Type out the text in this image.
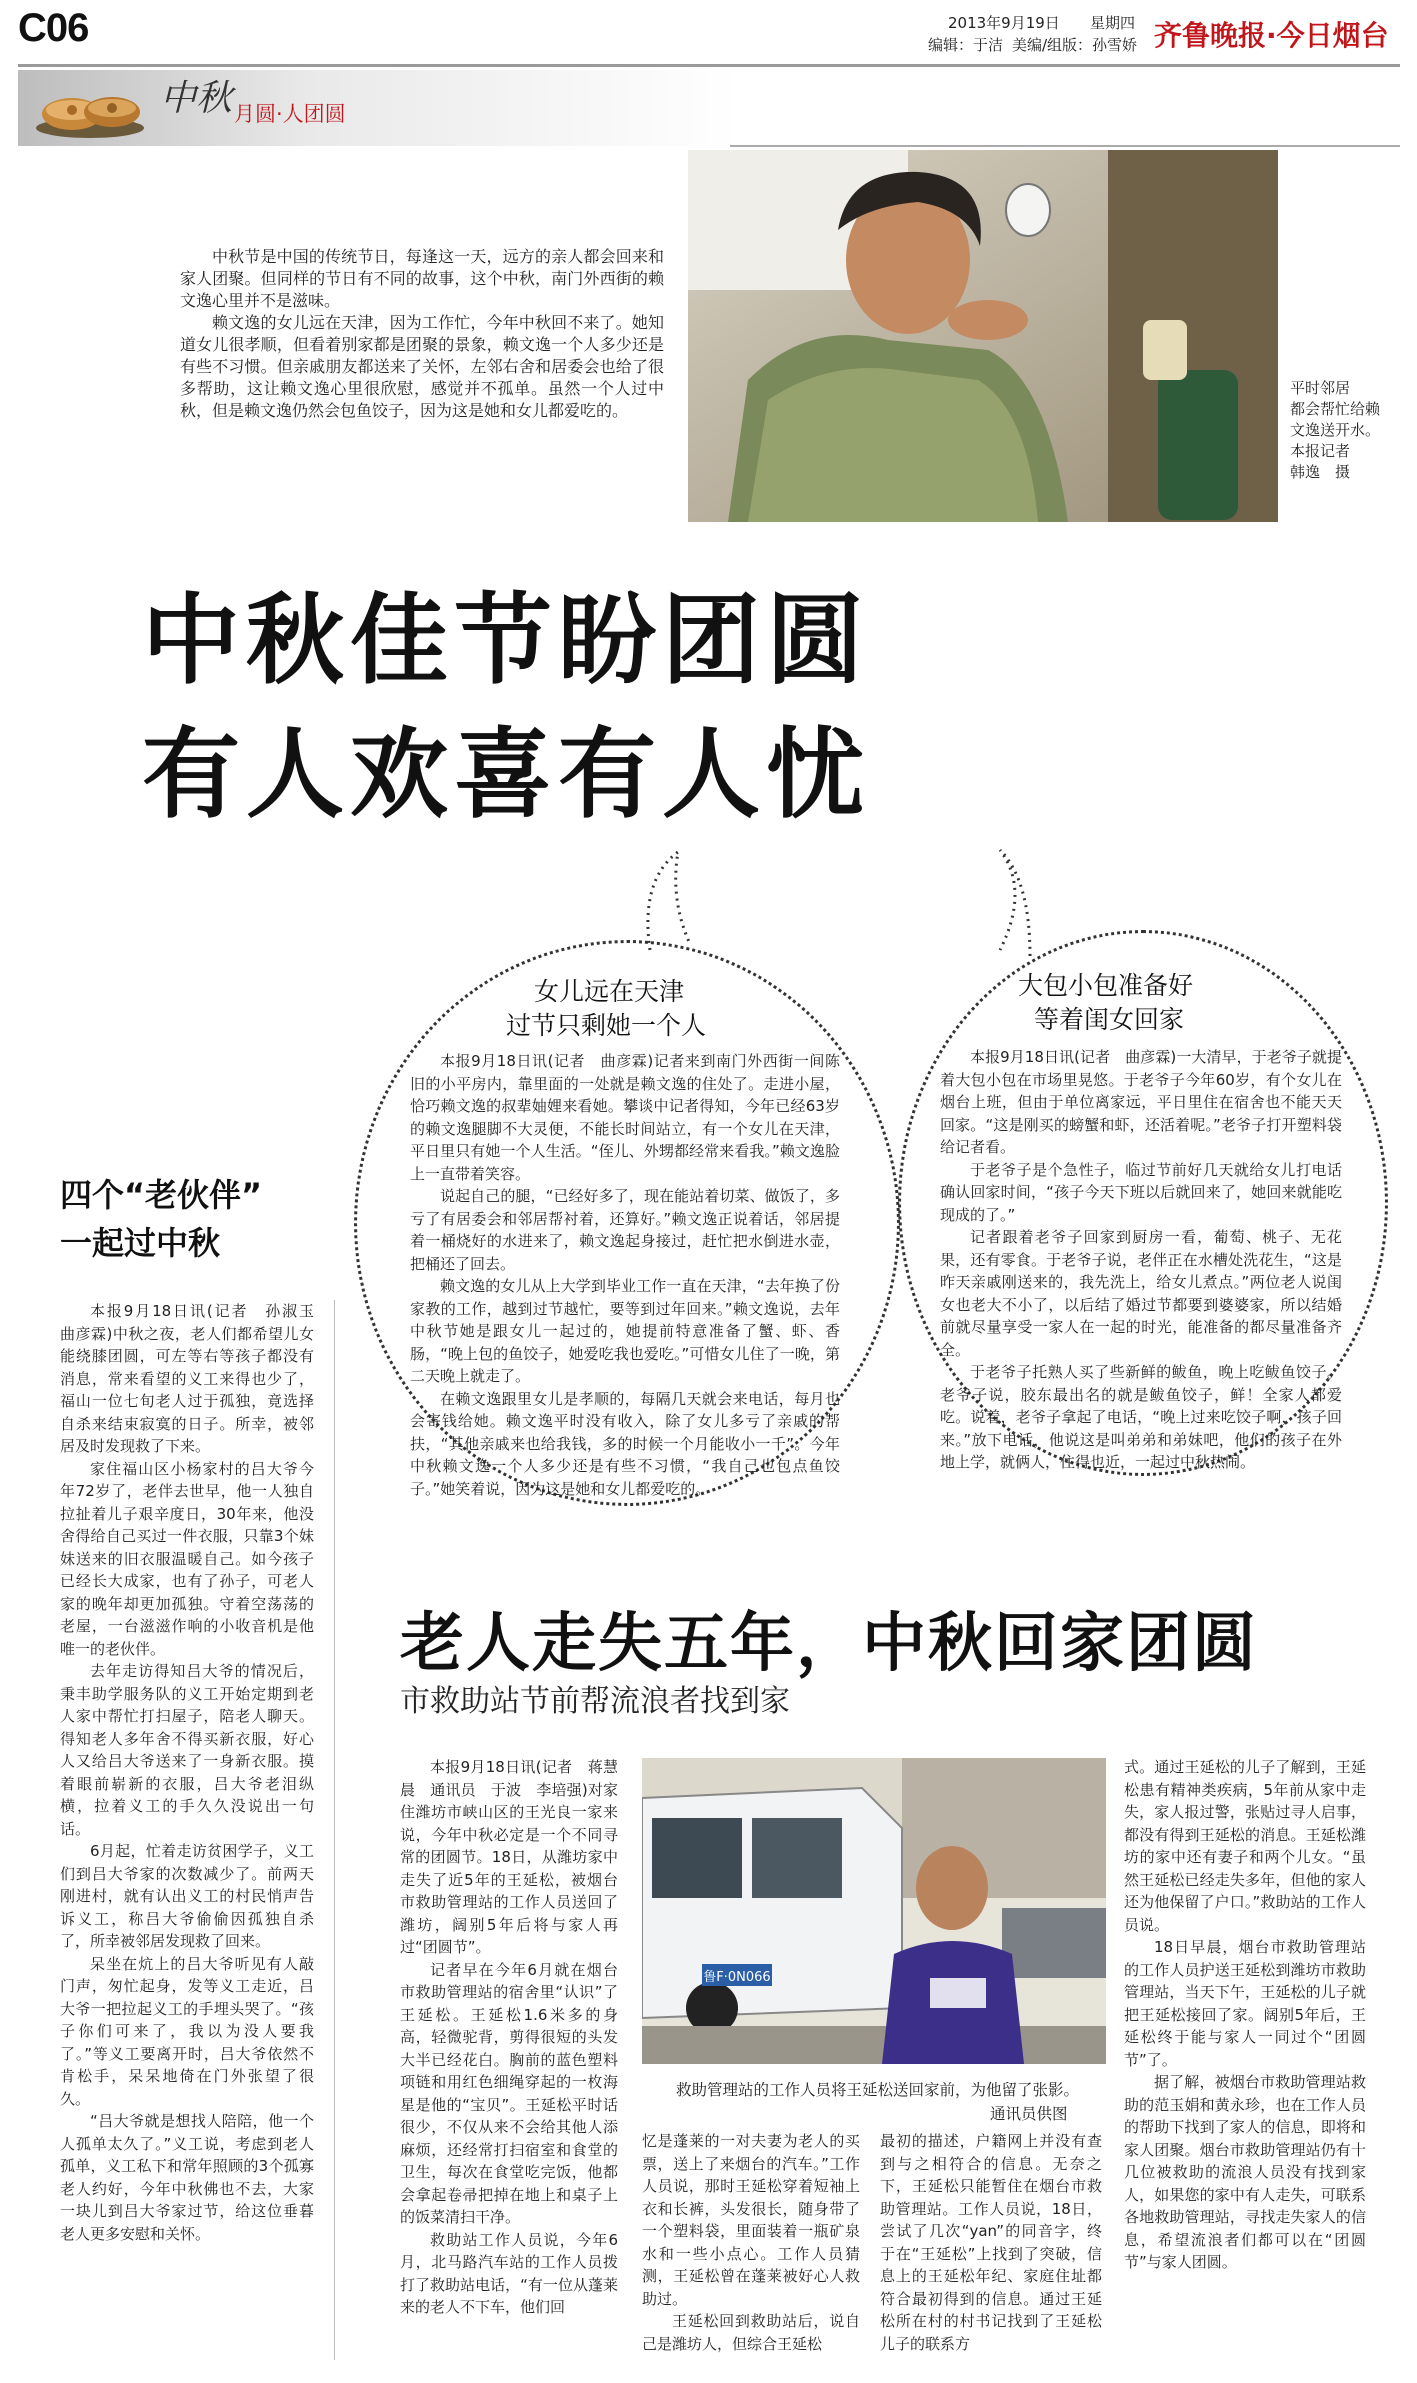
C06	2013年9月19日 星期四
编辑：于洁 美编/组版：孙雪娇 齐鲁晚报·今日烟台
中秋 月圆·人团圆

中秋节是中国的传统节日，每逢这一天，远方的亲人都会回来和家人团聚。但同样的节日有不同的故事，这个中秋，南门外西街的赖文逸心里并不是滋味。

赖文逸的女儿远在天津，因为工作忙，今年中秋回不来了。她知道女儿很孝顺，但看着别家都是团聚的景象，赖文逸一个人多少还是有些不习惯。但亲戚朋友都送来了关怀，左邻右舍和居委会也给了很多帮助，这让赖文逸心里很欣慰，感觉并不孤单。虽然一个人过中秋，但是赖文逸仍然会包鱼饺子，因为这是她和女儿都爱吃的。

平时邻居
都会帮忙给赖
文逸送开水。
本报记者
韩逸　摄
中秋佳节盼团圆
有人欢喜有人忧
女儿远在天津
过节只剩她一个人

本报9月18日讯(记者　曲彦霖)记者来到南门外西街一间陈旧的小平房内，靠里面的一处就是赖文逸的住处了。走进小屋，恰巧赖文逸的叔辈妯娌来看她。攀谈中记者得知，今年已经63岁的赖文逸腿脚不大灵便，不能长时间站立，有一个女儿在天津，平日里只有她一个人生活。“侄儿、外甥都经常来看我。”赖文逸脸上一直带着笑容。

说起自己的腿，“已经好多了，现在能站着切菜、做饭了，多亏了有居委会和邻居帮衬着，还算好。”赖文逸正说着话，邻居提着一桶烧好的水进来了，赖文逸起身接过，赶忙把水倒进水壶，把桶还了回去。

赖文逸的女儿从上大学到毕业工作一直在天津，“去年换了份家教的工作，越到过节越忙，要等到过年回来。”赖文逸说，去年中秋节她是跟女儿一起过的，她提前特意准备了蟹、虾、香肠，“晚上包的鱼饺子，她爱吃我也爱吃。”可惜女儿住了一晚，第二天晚上就走了。

在赖文逸跟里女儿是孝顺的，每隔几天就会来电话，每月也会寄钱给她。赖文逸平时没有收入，除了女儿多亏了亲戚的帮扶，“其他亲戚来也给我钱，多的时候一个月能收小一千”。今年中秋赖文逸一个人多少还是有些不习惯，“我自己也包点鱼饺子。”她笑着说，因为这是她和女儿都爱吃的。

大包小包准备好
等着闺女回家

本报9月18日讯(记者　曲彦霖)一大清早，于老爷子就提着大包小包在市场里晃悠。于老爷子今年60岁，有个女儿在烟台上班，但由于单位离家远，平日里住在宿舍也不能天天回家。“这是刚买的螃蟹和虾，还活着呢。”老爷子打开塑料袋给记者看。

于老爷子是个急性子，临过节前好几天就给女儿打电话确认回家时间，“孩子今天下班以后就回来了，她回来就能吃现成的了。”

记者跟着老爷子回家到厨房一看，葡萄、桃子、无花果，还有零食。于老爷子说，老伴正在水槽处洗花生，“这是昨天亲戚刚送来的，我先洗上，给女儿煮点。”两位老人说闺女也老大不小了，以后结了婚过节都要到婆婆家，所以结婚前就尽量享受一家人在一起的时光，能准备的都尽量准备齐全。

于老爷子托熟人买了些新鲜的鲅鱼，晚上吃鲅鱼饺子。老爷子说，胶东最出名的就是鲅鱼饺子，鲜！全家人都爱吃。说着，老爷子拿起了电话，“晚上过来吃饺子啊，孩子回来。”放下电话，他说这是叫弟弟和弟妹吧，他们的孩子在外地上学，就俩人，住得也近，一起过中秋热闹。

四个“老伙伴”
一起过中秋

本报9月18日讯(记者　孙淑玉　曲彦霖)中秋之夜，老人们都希望儿女能绕膝团圆，可左等右等孩子都没有消息，常来看望的义工来得也少了，福山一位七旬老人过于孤独，竟选择自杀来结束寂寞的日子。所幸，被邻居及时发现救了下来。

家住福山区小杨家村的吕大爷今年72岁了，老伴去世早，他一人独自拉扯着儿子艰辛度日，30年来，他没舍得给自己买过一件衣服，只靠3个妹妹送来的旧衣服温暖自己。如今孩子已经长大成家，也有了孙子，可老人家的晚年却更加孤独。守着空荡荡的老屋，一台滋滋作响的小收音机是他唯一的老伙伴。

去年走访得知吕大爷的情况后，秉丰助学服务队的义工开始定期到老人家中帮忙打扫屋子，陪老人聊天。得知老人多年舍不得买新衣服，好心人又给吕大爷送来了一身新衣服。摸着眼前崭新的衣服，吕大爷老泪纵横，拉着义工的手久久没说出一句话。

6月起，忙着走访贫困学子，义工们到吕大爷家的次数减少了。前两天刚进村，就有认出义工的村民悄声告诉义工，称吕大爷偷偷因孤独自杀了，所幸被邻居发现救了回来。

呆坐在炕上的吕大爷听见有人敲门声，匆忙起身，发等义工走近，吕大爷一把拉起义工的手埋头哭了。“孩子你们可来了，我以为没人要我了。”等义工要离开时，吕大爷依然不肯松手，呆呆地倚在门外张望了很久。

“吕大爷就是想找人陪陪，他一个人孤单太久了。”义工说，考虑到老人孤单，义工私下和常年照顾的3个孤寡老人约好，今年中秋佛也不去，大家一块儿到吕大爷家过节，给这位垂暮老人更多安慰和关怀。

老人走失五年，中秋回家团圆
市救助站节前帮流浪者找到家

本报9月18日讯(记者　蒋慧晨　通讯员　于波　李培强)对家住潍坊市峡山区的王光良一家来说，今年中秋必定是一个不同寻常的团圆节。18日，从潍坊家中走失了近5年的王延松，被烟台市救助管理站的工作人员送回了潍坊，阔别5年后将与家人再过“团圆节”。

记者早在今年6月就在烟台市救助管理站的宿舍里“认识”了王延松。王延松1.6米多的身高，轻微驼背，剪得很短的头发大半已经花白。胸前的蓝色塑料项链和用红色细绳穿起的一枚海星是他的“宝贝”。王延松平时话很少，不仅从来不会给其他人添麻烦，还经常打扫宿室和食堂的卫生，每次在食堂吃完饭，他都会拿起卷帚把掉在地上和桌子上的饭菜清扫干净。

救助站工作人员说，今年6月，北马路汽车站的工作人员拨打了救助站电话，“有一位从蓬莱来的老人不下车，他们回

鲁F·0N066
救助管理站的工作人员将王延松送回家前，为他留了张影。
通讯员供图

忆是蓬莱的一对夫妻为老人的买票，送上了来烟台的汽车。”工作人员说，那时王延松穿着短袖上衣和长裤，头发很长，随身带了一个塑料袋，里面装着一瓶矿泉水和一些小点心。工作人员猜测，王延松曾在蓬莱被好心人救助过。

王延松回到救助站后，说自己是潍坊人，但综合王延松

最初的描述，户籍网上并没有查到与之相符合的信息。无奈之下，王延松只能暂住在烟台市救助管理站。工作人员说，18日，尝试了几次“yan”的同音字，终于在“王延松”上找到了突破，信息上的王延松年纪、家庭住址都符合最初得到的信息。通过王延松所在村的村书记找到了王延松儿子的联系方

式。通过王延松的儿子了解到，王延松患有精神类疾病，5年前从家中走失，家人报过警，张贴过寻人启事，都没有得到王延松的消息。王延松潍坊的家中还有妻子和两个儿女。“虽然王延松已经走失多年，但他的家人还为他保留了户口。”救助站的工作人员说。

18日早晨，烟台市救助管理站的工作人员护送王延松到潍坊市救助管理站，当天下午，王延松的儿子就把王延松接回了家。阔别5年后，王延松终于能与家人一同过个“团圆节”了。

据了解，被烟台市救助管理站救助的范玉娟和黄永珍，也在工作人员的帮助下找到了家人的信息，即将和家人团聚。烟台市救助管理站仍有十几位被救助的流浪人员没有找到家人，如果您的家中有人走失，可联系各地救助管理站，寻找走失家人的信息，希望流浪者们都可以在“团圆节”与家人团圆。
